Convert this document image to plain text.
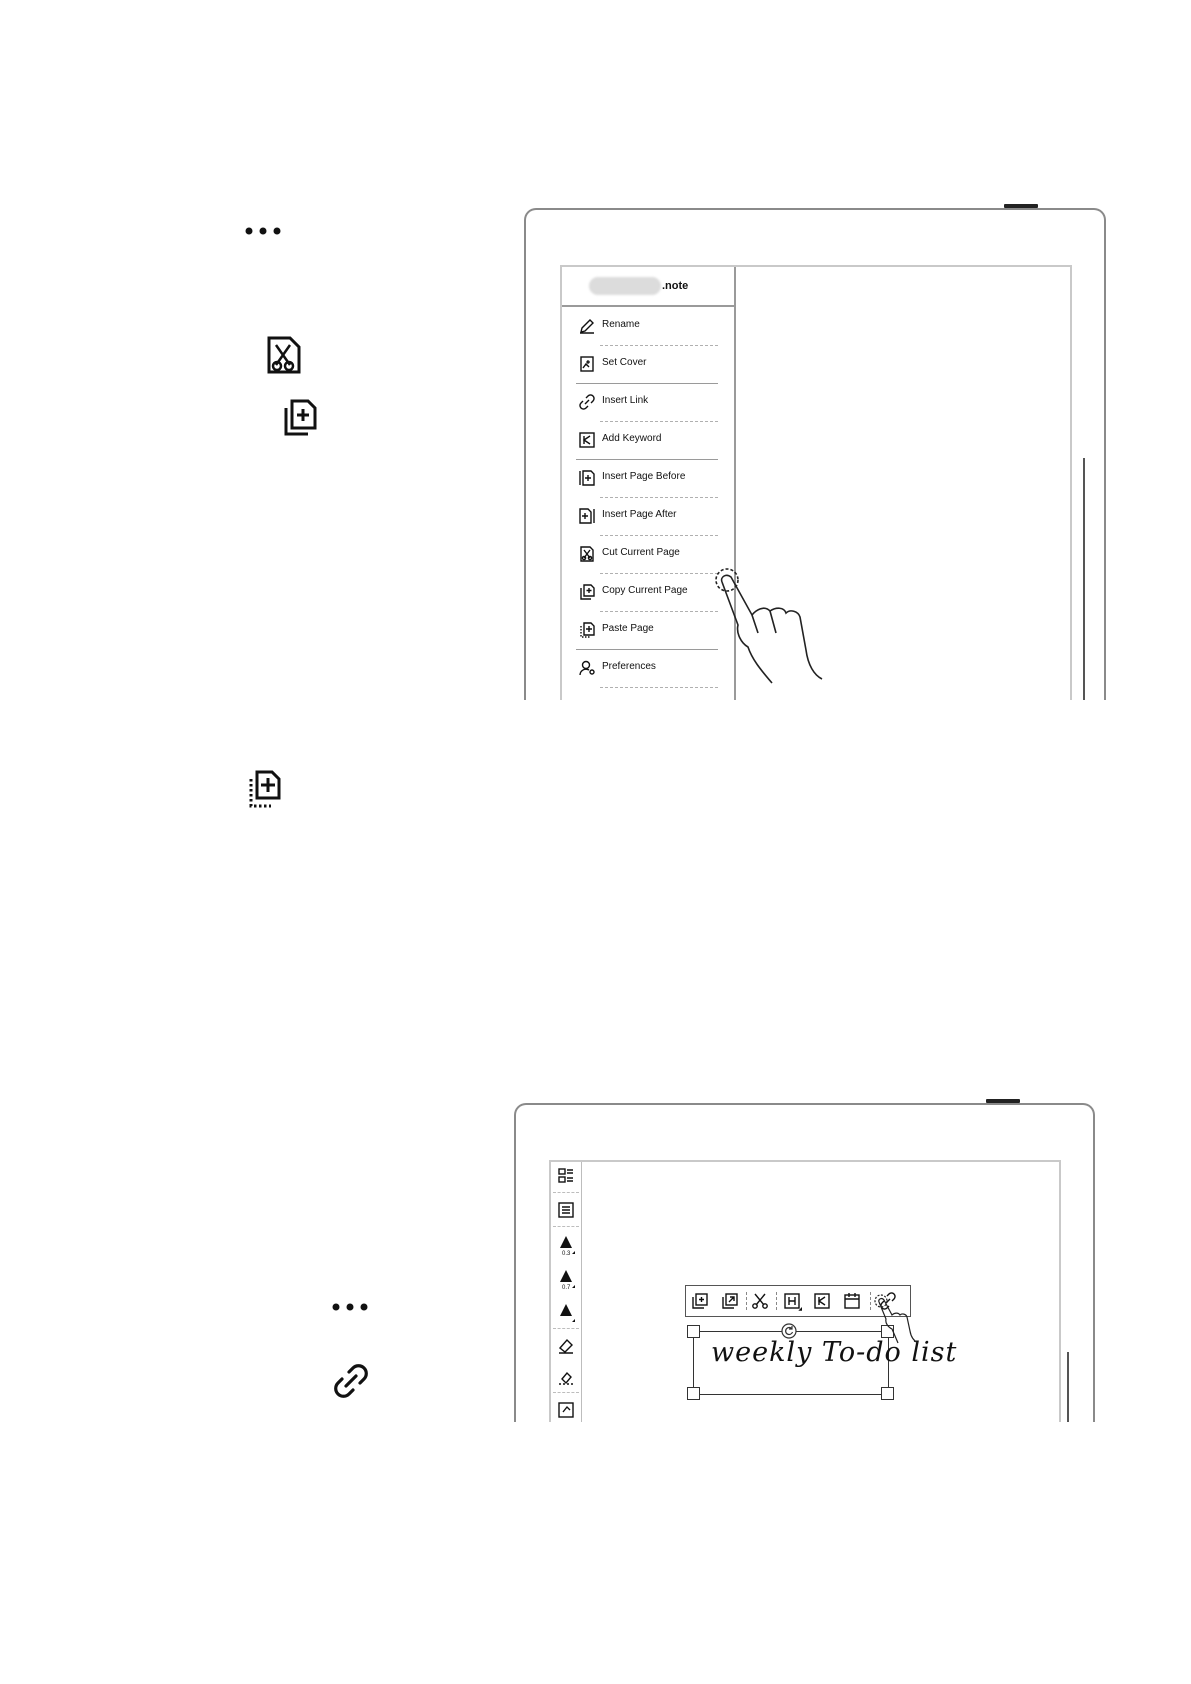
.note
Rename
Set Cover
Insert Link
Add Keyword
Insert Page Before
Insert Page After
Cut Current Page
Copy Current Page
Paste Page
Preferences
0.3
0.7
weekly To-do list
